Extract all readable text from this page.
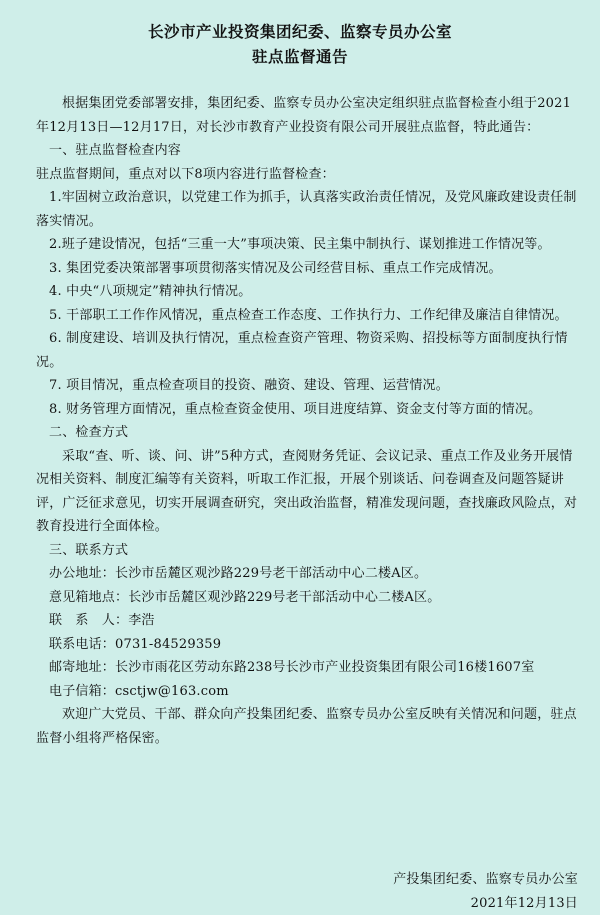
长沙市产业投资集团纪委、监察专员办公室
驻点监督通告

根据集团党委部署安排，集团纪委、监察专员办公室决定组织驻点监督检查小组于2021年12月13日—12月17日，对长沙市教育产业投资有限公司开展驻点监督，特此通告：

一、驻点监督检查内容

驻点监督期间，重点对以下8项内容进行监督检查：

1.牢固树立政治意识，以党建工作为抓手，认真落实政治责任情况，及党风廉政建设责任制落实情况。

2.班子建设情况，包括“三重一大”事项决策、民主集中制执行、谋划推进工作情况等。

3. 集团党委决策部署事项贯彻落实情况及公司经营目标、重点工作完成情况。

4. 中央“八项规定”精神执行情况。

5. 干部职工工作作风情况，重点检查工作态度、工作执行力、工作纪律及廉洁自律情况。

6. 制度建设、培训及执行情况，重点检查资产管理、物资采购、招投标等方面制度执行情况。

7. 项目情况，重点检查项目的投资、融资、建设、管理、运营情况。

8. 财务管理方面情况，重点检查资金使用、项目进度结算、资金支付等方面的情况。

二、检查方式

采取“查、听、谈、问、讲”5种方式，查阅财务凭证、会议记录、重点工作及业务开展情况相关资料、制度汇编等有关资料，听取工作汇报，开展个别谈话、问卷调查及问题答疑讲评，广泛征求意见，切实开展调查研究，突出政治监督，精准发现问题，查找廉政风险点，对教育投进行全面体检。

三、联系方式

办公地址：长沙市岳麓区观沙路229号老干部活动中心二楼A区。

意见箱地点：长沙市岳麓区观沙路229号老干部活动中心二楼A区。

联　系　人：李浩

联系电话：0731-84529359

邮寄地址：长沙市雨花区劳动东路238号长沙市产业投资集团有限公司16楼1607室

电子信箱：csctjw@163.com

欢迎广大党员、干部、群众向产投集团纪委、监察专员办公室反映有关情况和问题，驻点监督小组将严格保密。

产投集团纪委、监察专员办公室
2021年12月13日
